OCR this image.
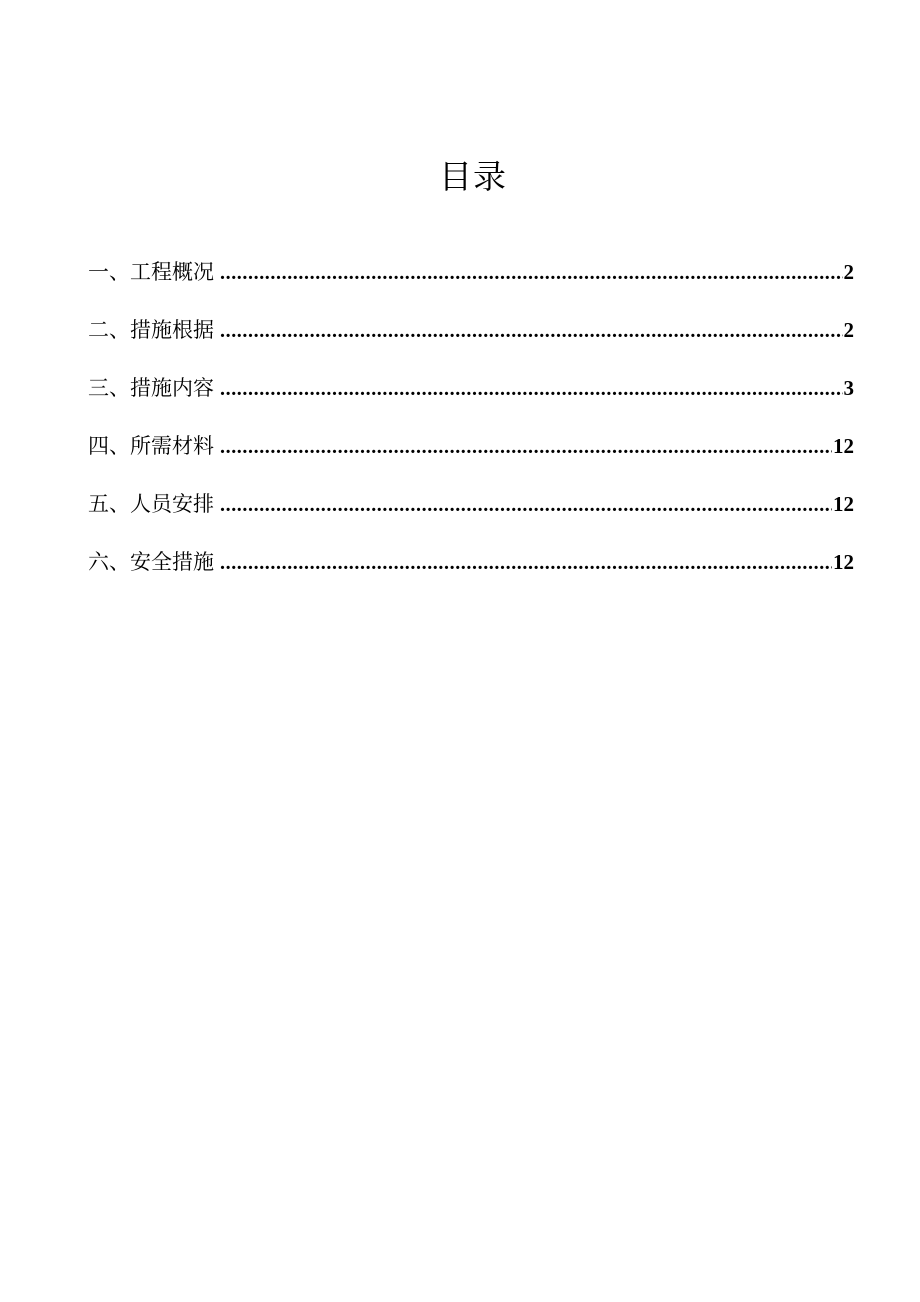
目录
一、工程概况 .....	2
二、措施根据 .....	2
三、措施内容 .....	3
四、所需材料 .....	12
五、人员安排 .....	12
六、安全措施 .....	12
